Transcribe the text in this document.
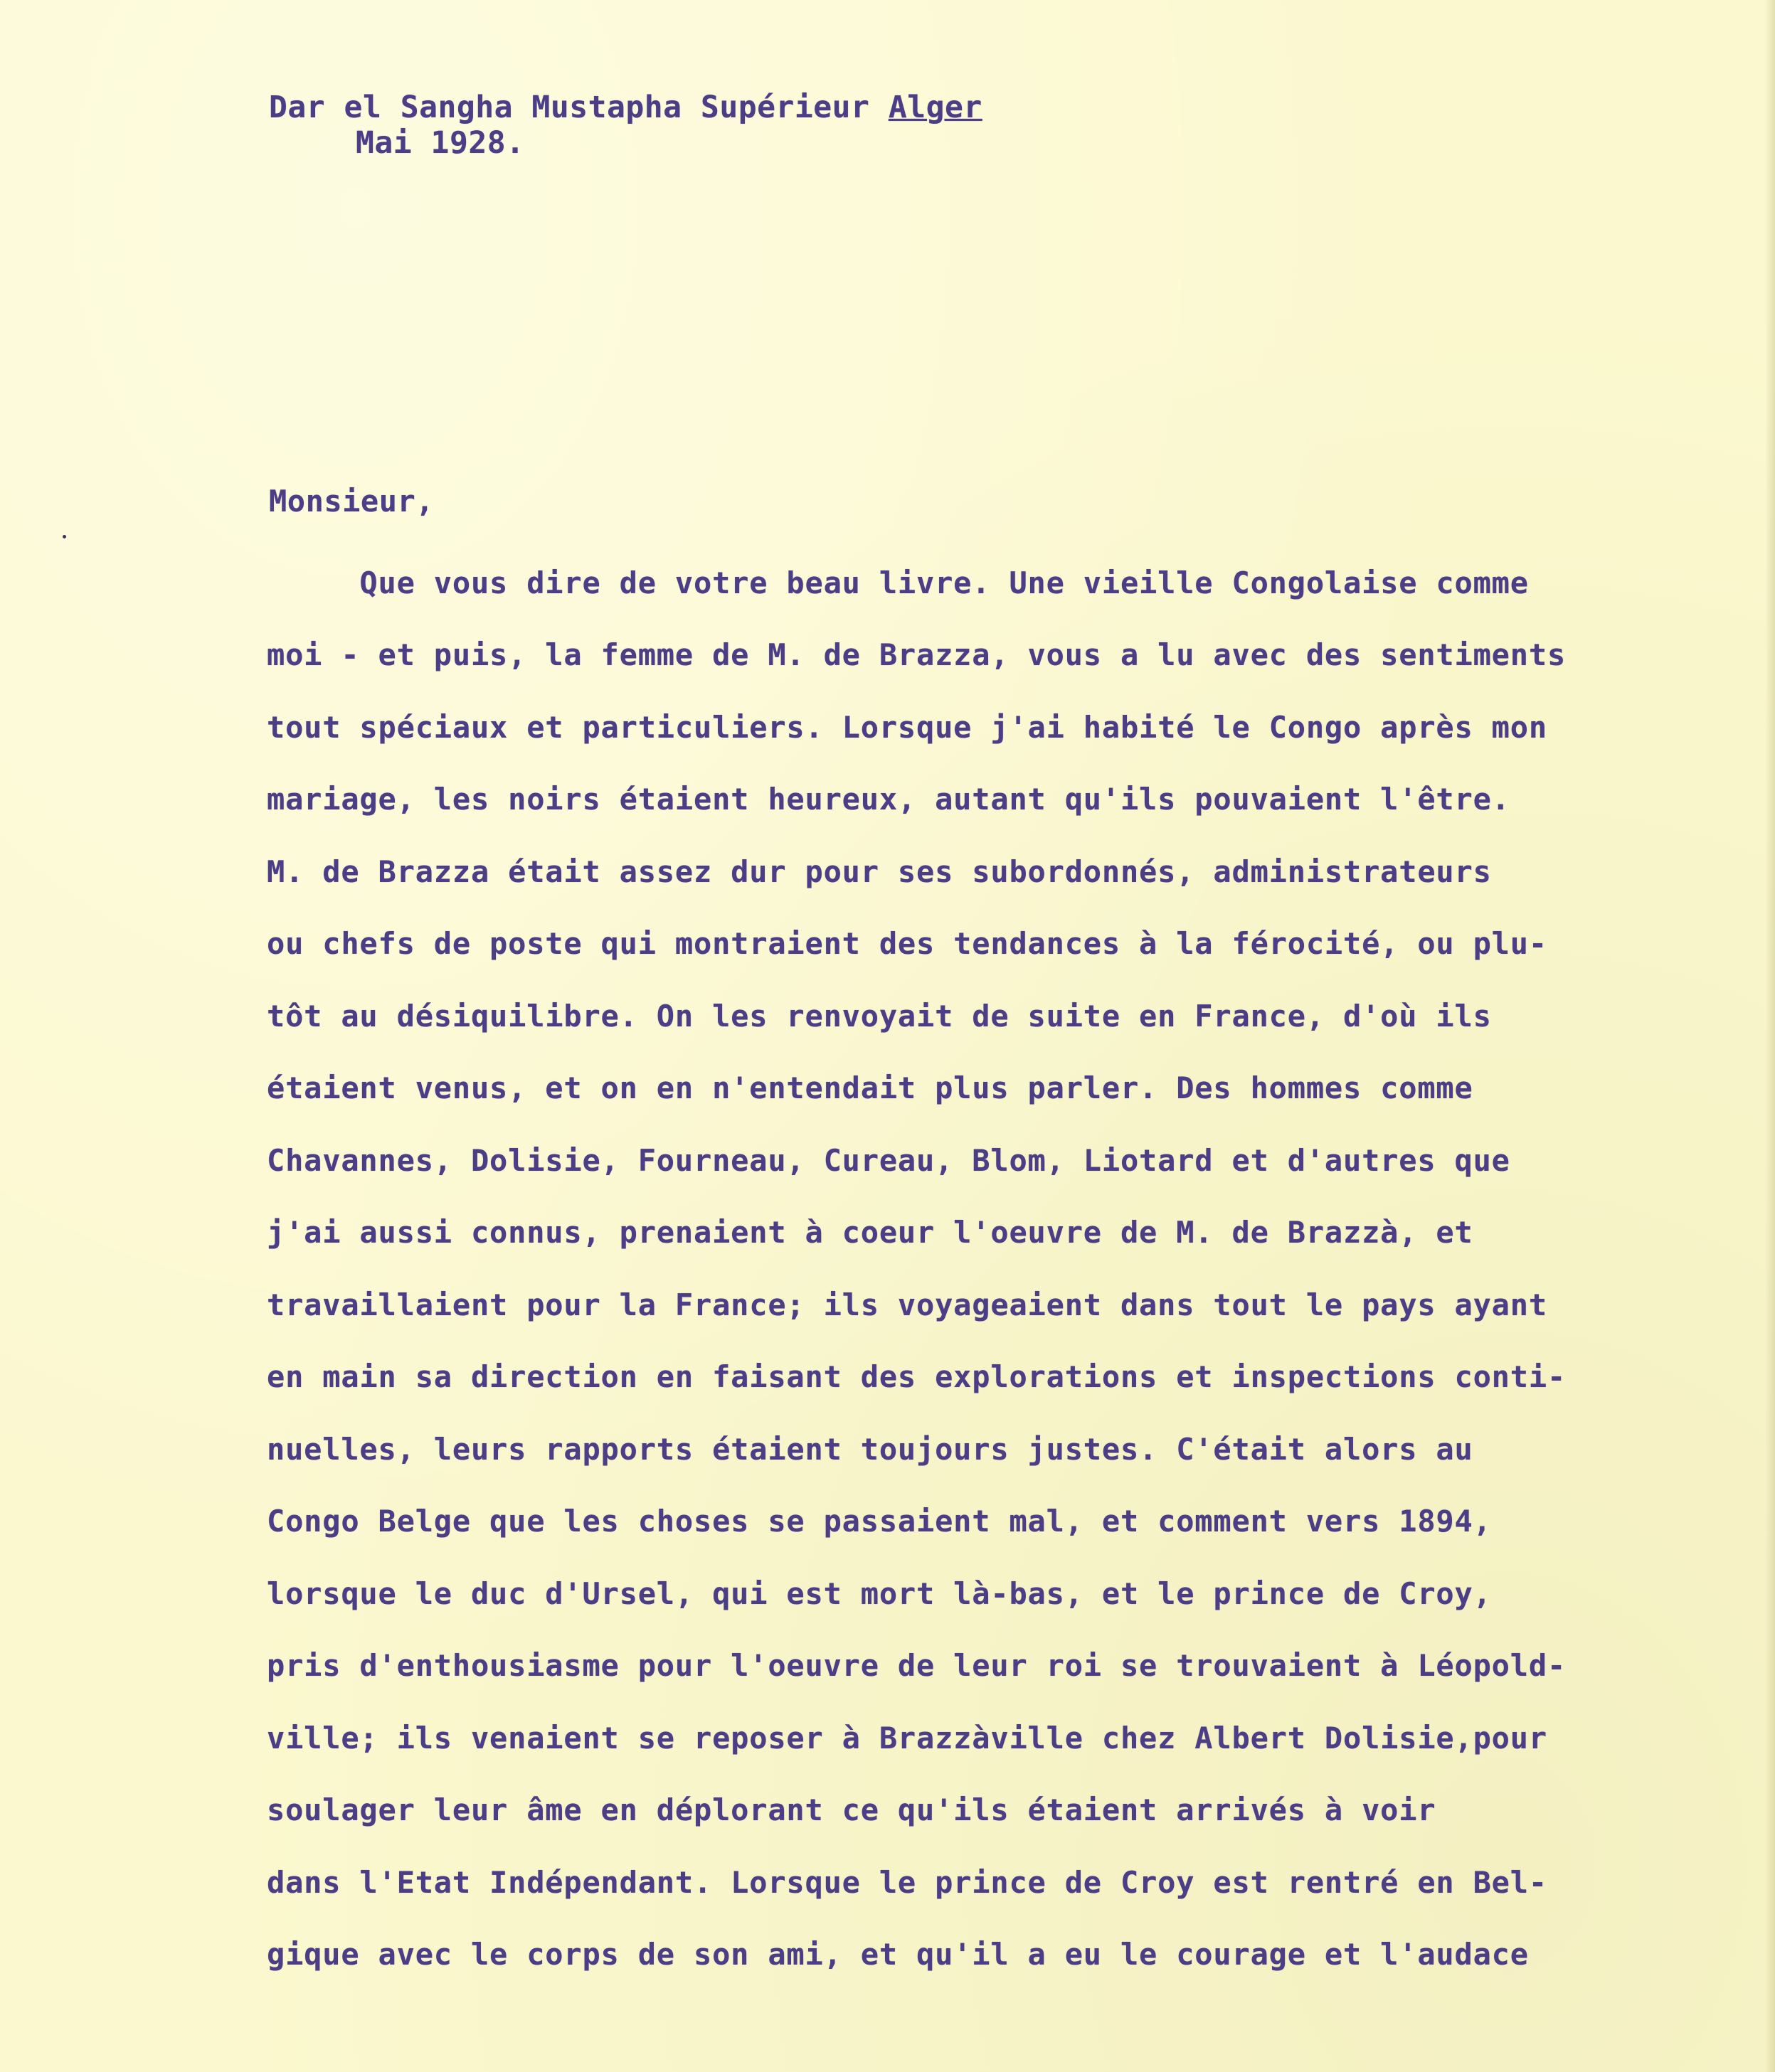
Dar el Sangha Mustapha Supérieur Alger
Mai 1928.
Monsieur,
Que vous dire de votre beau livre. Une vieille Congolaise comme
moi - et puis, la femme de M. de Brazza, vous a lu avec des sentiments
tout spéciaux et particuliers. Lorsque j'ai habité le Congo après mon
mariage, les noirs étaient heureux, autant qu'ils pouvaient l'être.
M. de Brazza était assez dur pour ses subordonnés, administrateurs
ou chefs de poste qui montraient des tendances à la férocité, ou plu-
tôt au désiquilibre. On les renvoyait de suite en France, d'où ils
étaient venus, et on en n'entendait plus parler. Des hommes comme
Chavannes, Dolisie, Fourneau, Cureau, Blom, Liotard et d'autres que
j'ai aussi connus, prenaient à coeur l'oeuvre de M. de Brazzà, et
travaillaient pour la France; ils voyageaient dans tout le pays ayant
en main sa direction en faisant des explorations et inspections conti-
nuelles, leurs rapports étaient toujours justes. C'était alors au
Congo Belge que les choses se passaient mal, et comment vers 1894,
lorsque le duc d'Ursel, qui est mort là-bas, et le prince de Croy,
pris d'enthousiasme pour l'oeuvre de leur roi se trouvaient à Léopold-
ville; ils venaient se reposer à Brazzàville chez Albert Dolisie,pour
soulager leur âme en déplorant ce qu'ils étaient arrivés à voir
dans l'Etat Indépendant. Lorsque le prince de Croy est rentré en Bel-
gique avec le corps de son ami, et qu'il a eu le courage et l'audace
